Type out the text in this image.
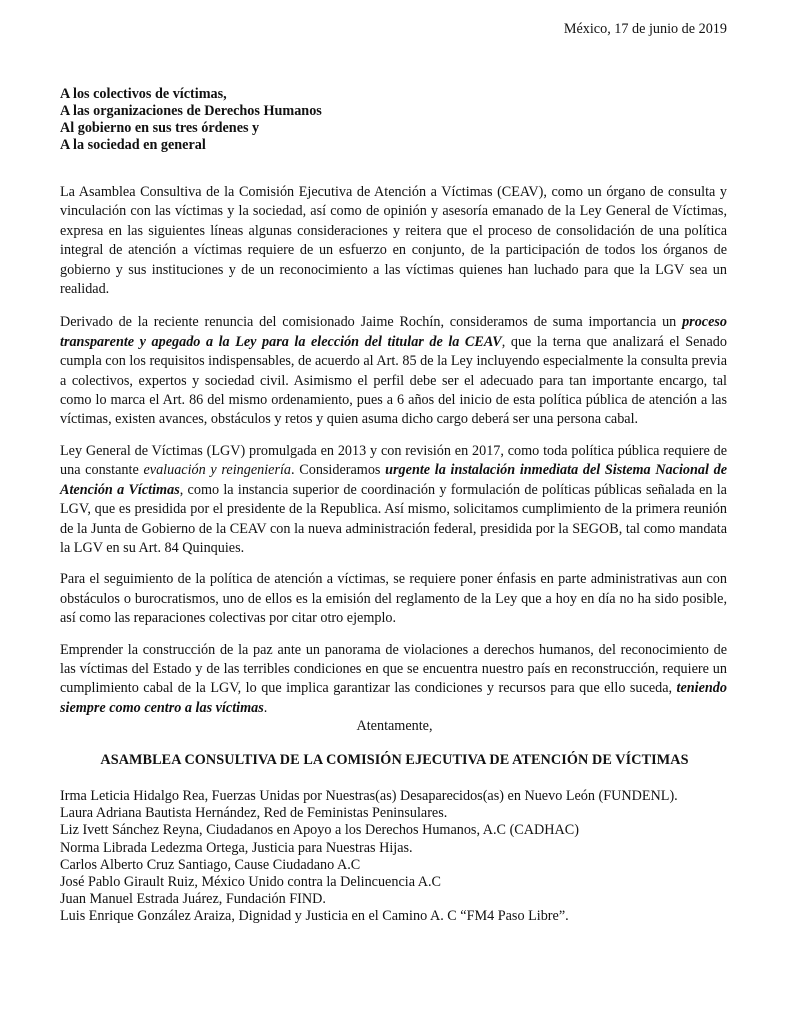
México, 17 de junio de 2019
A los colectivos de víctimas,
A las organizaciones de Derechos Humanos
Al gobierno en sus tres órdenes y
A la sociedad en general

La Asamblea Consultiva de la Comisión Ejecutiva de Atención a Víctimas (CEAV), como un órgano de consulta y vinculación con las víctimas y la sociedad, así como de opinión y asesoría emanado de la Ley General de Víctimas, expresa en las siguientes líneas algunas consideraciones y reitera que el proceso de consolidación de una política integral de atención a víctimas requiere de un esfuerzo en conjunto, de la participación de todos los órganos de gobierno y sus instituciones y de un reconocimiento a las víctimas quienes han luchado para que la LGV sea un realidad.

Derivado de la reciente renuncia del comisionado Jaime Rochín, consideramos de suma importancia un proceso transparente y apegado a la Ley para la elección del titular de la CEAV, que la terna que analizará el Senado cumpla con los requisitos indispensables, de acuerdo al Art. 85 de la Ley incluyendo especialmente la consulta previa a colectivos, expertos y sociedad civil. Asimismo el perfil debe ser el adecuado para tan importante encargo, tal como lo marca el Art. 86 del mismo ordenamiento, pues a 6 años del inicio de esta política pública de atención a las víctimas, existen avances, obstáculos y retos y quien asuma dicho cargo deberá ser una persona cabal.

Ley General de Víctimas (LGV) promulgada en 2013 y con revisión en 2017, como toda política pública requiere de una constante evaluación y reingeniería. Consideramos urgente la instalación inmediata del Sistema Nacional de Atención a Víctimas, como la instancia superior de coordinación y formulación de políticas públicas señalada en la LGV, que es presidida por el presidente de la Republica. Así mismo, solicitamos cumplimiento de la primera reunión de la Junta de Gobierno de la CEAV con la nueva administración federal, presidida por la SEGOB, tal como mandata la LGV en su Art. 84 Quinquies.

Para el seguimiento de la política de atención a víctimas, se requiere poner énfasis en parte administrativas aun con obstáculos o burocratismos, uno de ellos es la emisión del reglamento de la Ley que a hoy en día no ha sido posible, así como las reparaciones colectivas por citar otro ejemplo.

Emprender la construcción de la paz ante un panorama de violaciones a derechos humanos, del reconocimiento de las víctimas del Estado y de las terribles condiciones en que se encuentra nuestro país en reconstrucción, requiere un cumplimiento cabal de la LGV, lo que implica garantizar las condiciones y recursos para que ello suceda, teniendo siempre como centro a las víctimas.

Atentamente,
ASAMBLEA CONSULTIVA DE LA COMISIÓN EJECUTIVA DE ATENCIÓN DE VÍCTIMAS
Irma Leticia Hidalgo Rea, Fuerzas Unidas por Nuestras(as) Desaparecidos(as) en Nuevo León (FUNDENL).
Laura Adriana Bautista Hernández, Red de Feministas Peninsulares.
Liz Ivett Sánchez Reyna, Ciudadanos en Apoyo a los Derechos Humanos, A.C (CADHAC)
Norma Librada Ledezma Ortega, Justicia para Nuestras Hijas.
Carlos Alberto Cruz Santiago, Cause Ciudadano A.C
José Pablo Girault Ruiz, México Unido contra la Delincuencia A.C
Juan Manuel Estrada Juárez, Fundación FIND.
Luis Enrique González Araiza, Dignidad y Justicia en el Camino A. C “FM4 Paso Libre”.
